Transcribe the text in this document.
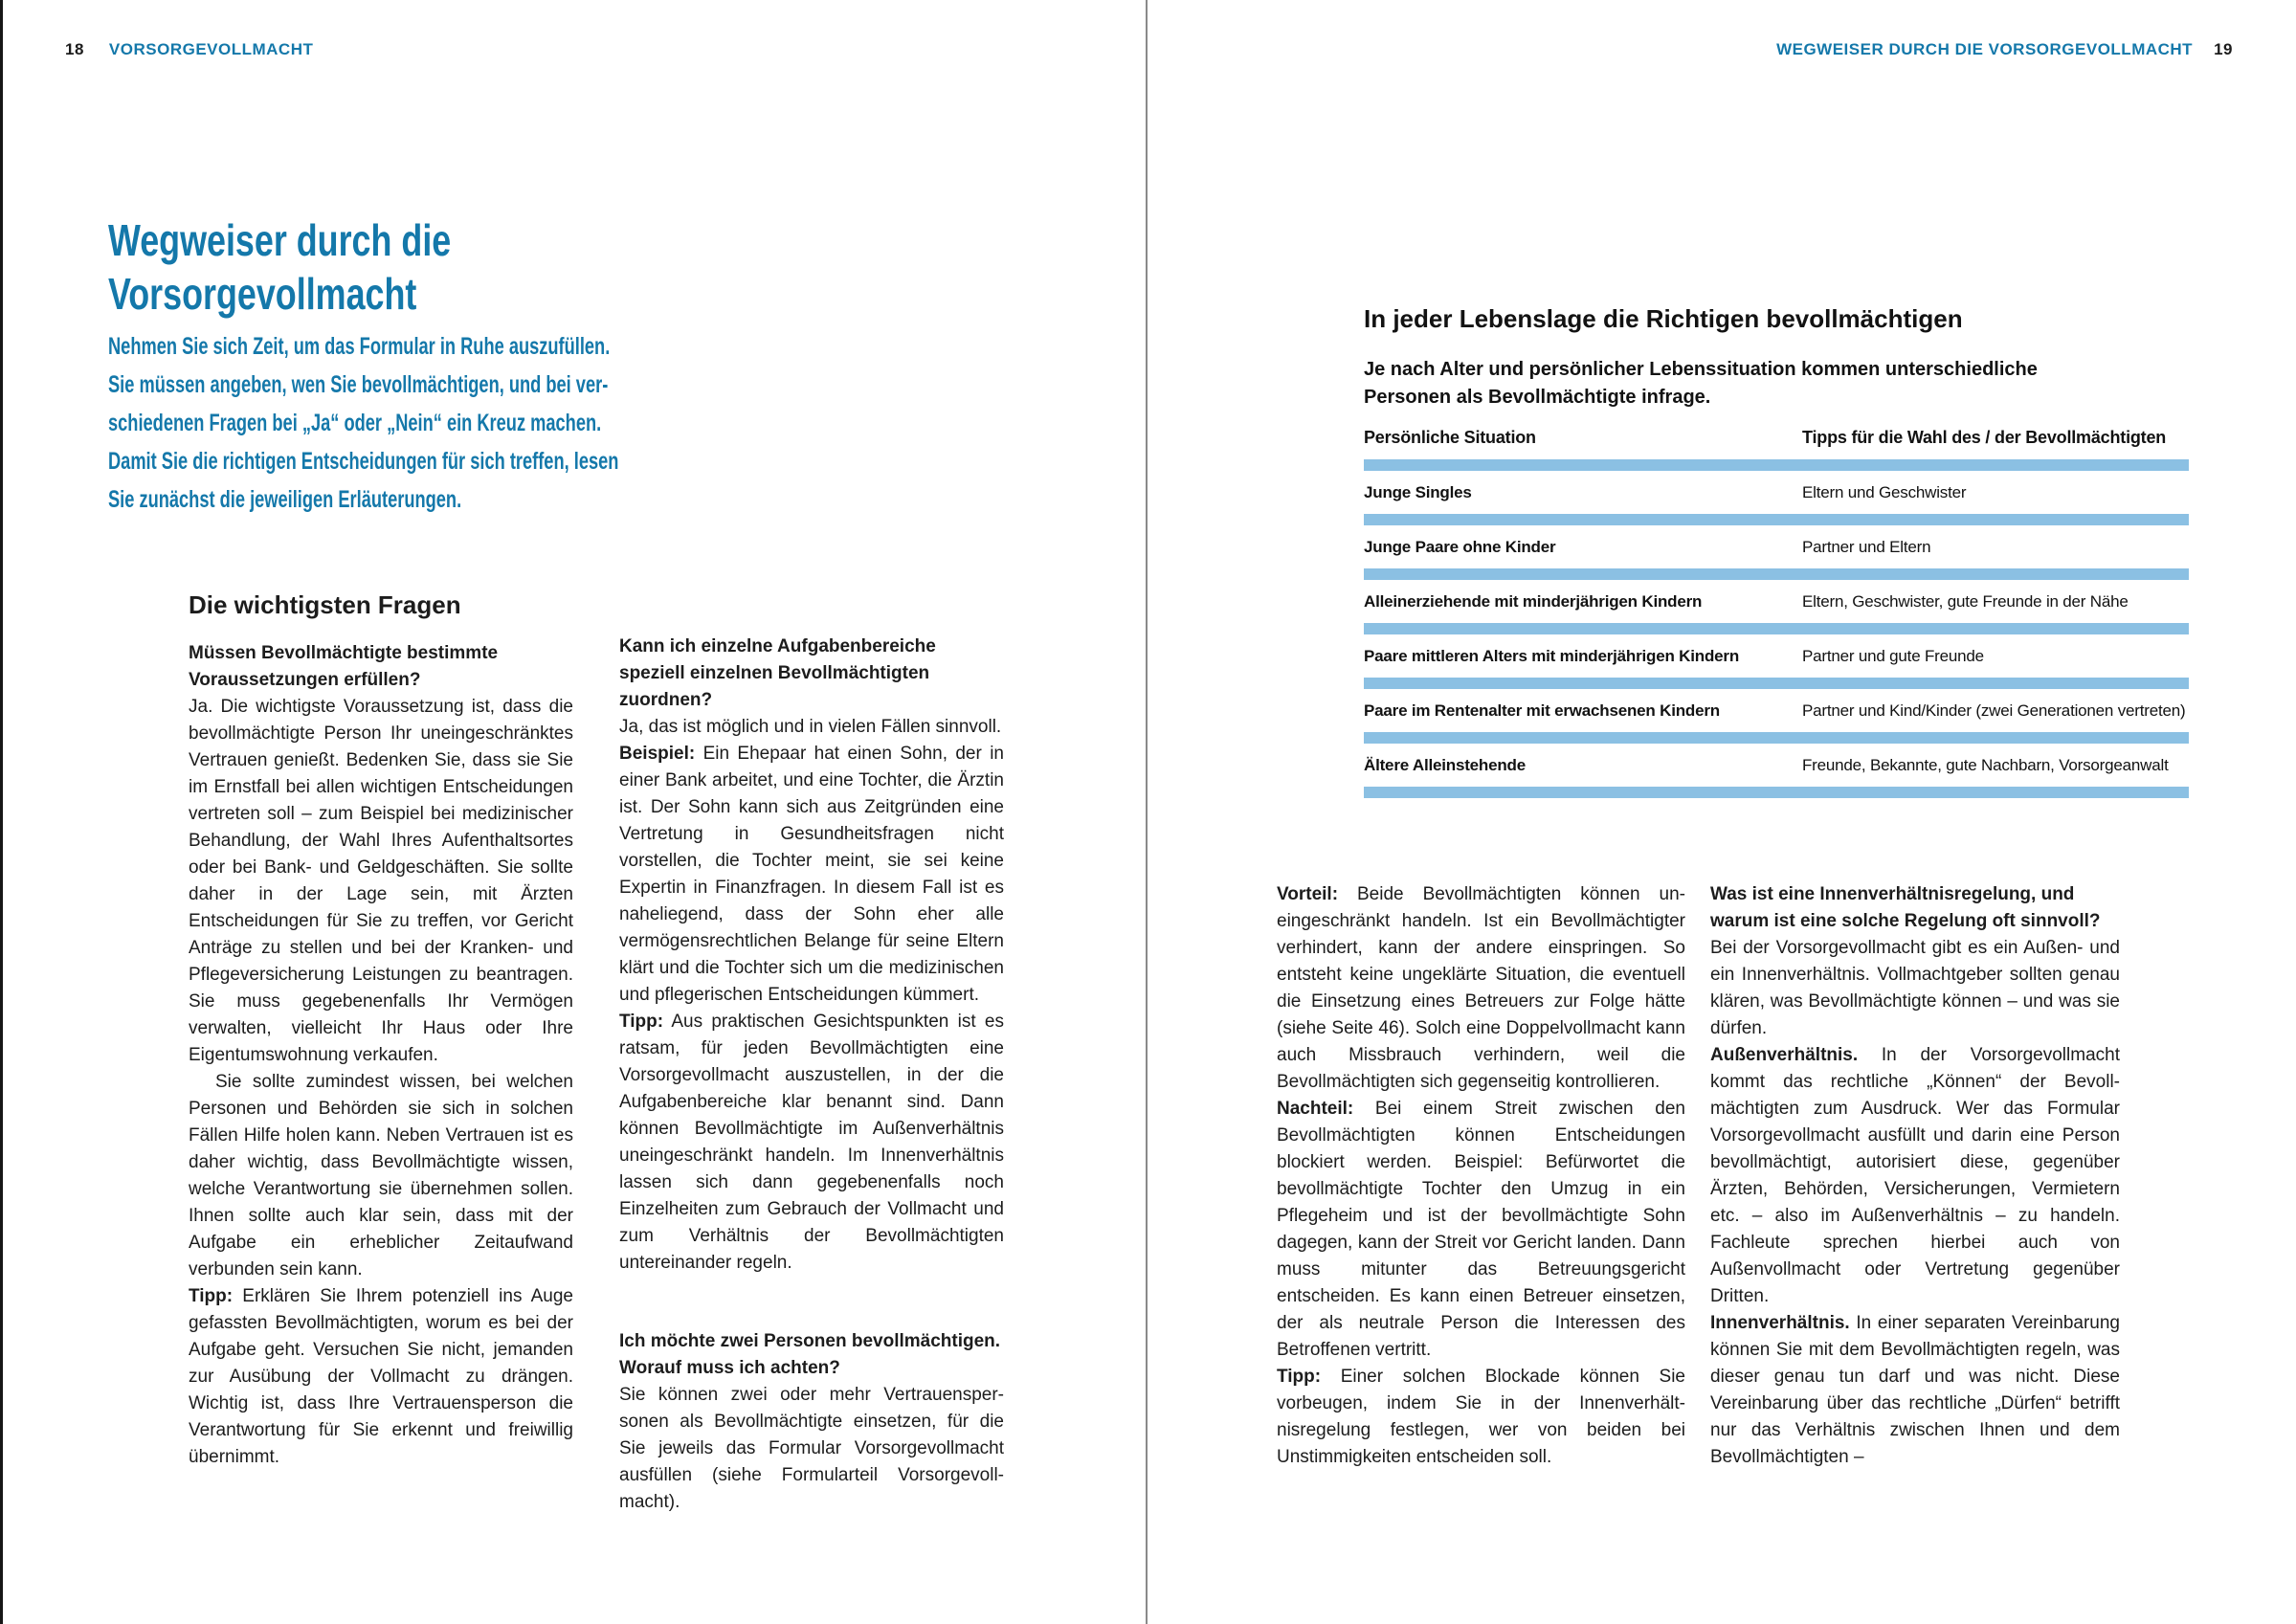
18 VORSORGEVOLLMACHT
Wegweiser durch die
Vorsorgevollmacht
Nehmen Sie sich Zeit, um das Formular in Ruhe auszufüllen.
Sie müssen angeben, wen Sie bevollmächtigen, und bei ver-
schiedenen Fragen bei „Ja“ oder „Nein“ ein Kreuz machen.
Damit Sie die richtigen Entscheidungen für sich treffen, lesen
Sie zunächst die jeweiligen Erläuterungen.
Die wichtigsten Fragen

Müssen Bevollmächtigte bestimmte Voraussetzungen erfüllen?

Ja. Die wichtigste Voraussetzung ist, dass die bevollmächtigte Person Ihr uneingeschränktes Vertrauen genießt. Bedenken Sie, dass sie Sie im Ernstfall bei allen wichtigen Entscheidungen vertreten soll – zum Beispiel bei medizinischer Behandlung, der Wahl Ihres Aufenthaltsortes oder bei Bank- und Geldgeschäften. Sie sollte daher in der Lage sein, mit Ärzten Entscheidungen für Sie zu treffen, vor Gericht Anträge zu stellen und bei der Kranken- und Pflegeversicherung Leistungen zu beantragen. Sie muss gegebenenfalls Ihr Vermögen verwalten, vielleicht Ihr Haus oder Ihre Eigentumswohnung verkaufen.

Sie sollte zumindest wissen, bei welchen Personen und Behörden sie sich in solchen Fällen Hilfe holen kann. Neben Vertrauen ist es daher wichtig, dass Bevollmächtigte wissen, welche Verantwortung sie übernehmen sollen. Ihnen sollte auch klar sein, dass mit der Aufgabe ein erheblicher Zeitaufwand verbunden sein kann.

Tipp: Erklären Sie Ihrem potenziell ins Auge gefassten Bevollmächtigten, worum es bei der Aufgabe geht. Versuchen Sie nicht, jemanden zur Ausübung der Vollmacht zu drängen. Wichtig ist, dass Ihre Vertrauensperson die Verantwortung für Sie erkennt und freiwillig übernimmt.

Kann ich einzelne Aufgabenbereiche speziell einzelnen Bevollmächtigten zuordnen?

Ja, das ist möglich und in vielen Fällen sinnvoll.

Beispiel: Ein Ehepaar hat einen Sohn, der in einer Bank arbeitet, und eine Tochter, die Ärztin ist. Der Sohn kann sich aus Zeitgründen eine Vertretung in Gesundheitsfragen nicht vorstellen, die Tochter meint, sie sei keine Expertin in Finanzfragen. In diesem Fall ist es naheliegend, dass der Sohn eher alle vermögensrechtlichen Belange für seine Eltern klärt und die Tochter sich um die medizinischen und pflegerischen Entscheidungen kümmert.

Tipp: Aus praktischen Gesichtspunkten ist es ratsam, für jeden Bevollmächtigten eine Vorsorgevollmacht auszustellen, in der die Aufgabenbereiche klar benannt sind. Dann können Bevollmächtigte im Außenverhältnis uneingeschränkt handeln. Im Innenverhältnis lassen sich dann gegebenenfalls noch Einzelheiten zum Gebrauch der Vollmacht und zum Verhältnis der Bevollmächtigten untereinander regeln.

Ich möchte zwei Personen bevollmächtigen. Worauf muss ich achten?

Sie können zwei oder mehr Vertrauenspersonen als Bevollmächtigte einsetzen, für die Sie jeweils das Formular Vorsorgevollmacht ausfüllen (siehe Formularteil Vorsorgevollmacht).

WEGWEISER DURCH DIE VORSORGEVOLLMACHT 19
In jeder Lebenslage die Richtigen bevollmächtigen

Je nach Alter und persönlicher Lebenssituation kommen unterschiedliche
Personen als Bevollmächtigte infrage.

Persönliche Situation	Tipps für die Wahl des / der Bevollmächtigten
Junge Singles	Eltern und Geschwister
Junge Paare ohne Kinder	Partner und Eltern
Alleinerziehende mit minderjährigen Kindern	Eltern, Geschwister, gute Freunde in der Nähe
Paare mittleren Alters mit minderjährigen Kindern	Partner und gute Freunde
Paare im Rentenalter mit erwachsenen Kindern	Partner und Kind/Kinder (zwei Generationen vertreten)
Ältere Alleinstehende	Freunde, Bekannte, gute Nachbarn, Vorsorgeanwalt

Vorteil: Beide Bevollmächtigten können uneingeschränkt handeln. Ist ein Bevollmächtigter verhindert, kann der andere einspringen. So entsteht keine ungeklärte Situation, die eventuell die Einsetzung eines Betreuers zur Folge hätte (siehe Seite 46). Solch eine Doppelvollmacht kann auch Missbrauch verhindern, weil die Bevollmächtigten sich gegenseitig kontrollieren.

Nachteil: Bei einem Streit zwischen den Bevollmächtigten können Entscheidungen blockiert werden. Beispiel: Befürwortet die bevollmächtigte Tochter den Umzug in ein Pflegeheim und ist der bevollmächtigte Sohn dagegen, kann der Streit vor Gericht landen. Dann muss mitunter das Betreuungsgericht entscheiden. Es kann einen Betreuer einsetzen, der als neutrale Person die Interessen des Betroffenen vertritt.

Tipp: Einer solchen Blockade können Sie vorbeugen, indem Sie in der Innenverhältnisregelung festlegen, wer von beiden bei Unstimmigkeiten entscheiden soll.

Was ist eine Innenverhältnisregelung, und warum ist eine solche Regelung oft sinnvoll?

Bei der Vorsorgevollmacht gibt es ein Außen- und ein Innenverhältnis. Vollmachtgeber sollten genau klären, was Bevollmächtigte können – und was sie dürfen.

Außenverhältnis. In der Vorsorgevollmacht kommt das rechtliche „Können“ der Bevollmächtigten zum Ausdruck. Wer das Formular Vorsorgevollmacht ausfüllt und darin eine Person bevollmächtigt, autorisiert diese, gegenüber Ärzten, Behörden, Versicherungen, Vermietern etc. – also im Außenverhältnis – zu handeln. Fachleute sprechen hierbei auch von Außenvollmacht oder Vertretung gegenüber Dritten.

Innenverhältnis. In einer separaten Vereinbarung können Sie mit dem Bevollmächtigten regeln, was dieser genau tun darf und was nicht. Diese Vereinbarung über das rechtliche „Dürfen“ betrifft nur das Verhältnis zwischen Ihnen und dem Bevollmächtigten –
